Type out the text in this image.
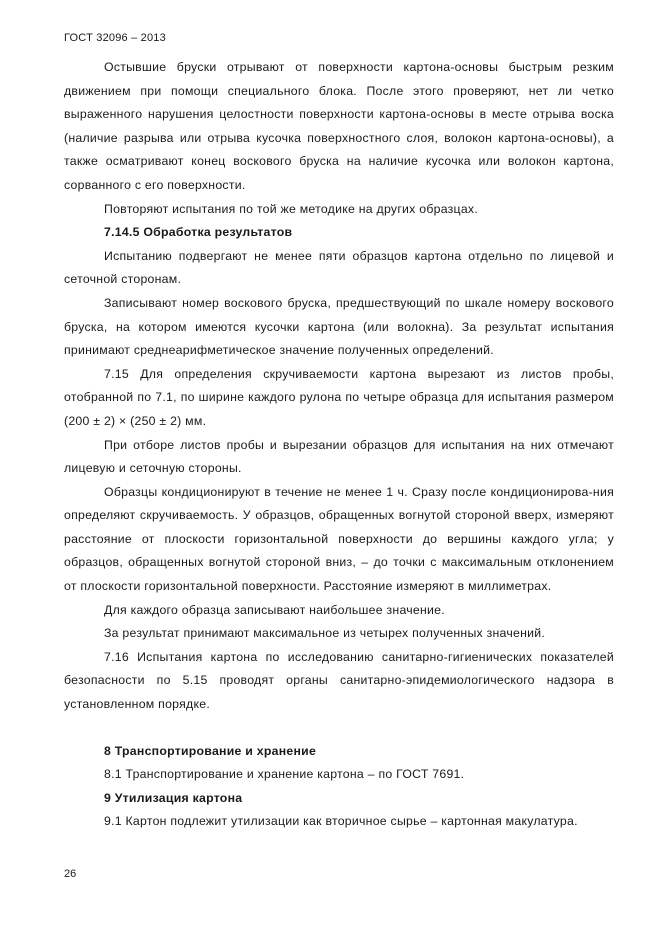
ГОСТ 32096 – 2013

Остывшие бруски отрывают от поверхности картона-основы быстрым резким движением при помощи специального блока. После этого проверяют, нет ли четко выраженного нарушения целостности поверхности картона-основы в месте отрыва воска (наличие разрыва или отрыва кусочка поверхностного слоя, волокон картона-основы), а также осматривают конец воскового бруска на наличие кусочка или волокон картона, сорванного с его поверхности.

Повторяют испытания по той же методике на других образцах.

7.14.5 Обработка результатов

Испытанию подвергают не менее пяти образцов картона отдельно по лицевой и сеточной сторонам.

Записывают номер воскового бруска, предшествующий по шкале номеру воскового бруска, на котором имеются кусочки картона (или волокна). За результат испытания принимают среднеарифметическое значение полученных определений.

7.15 Для определения скручиваемости картона вырезают из листов пробы, отобранной по 7.1, по ширине каждого рулона по четыре образца для испытания размером (200 ± 2) × (250 ± 2) мм.

При отборе листов пробы и вырезании образцов для испытания на них отмечают лицевую и сеточную стороны.

Образцы кондиционируют в течение не менее 1 ч. Сразу после кондиционирова-ния определяют скручиваемость. У образцов, обращенных вогнутой стороной вверх, измеряют расстояние от плоскости горизонтальной поверхности до вершины каждого угла; у образцов, обращенных вогнутой стороной вниз, – до точки с максимальным отклонением от плоскости горизонтальной поверхности. Расстояние измеряют в миллиметрах.

Для каждого образца записывают наибольшее значение.

За результат принимают максимальное из четырех полученных значений.

7.16 Испытания картона по исследованию санитарно-гигиенических показателей безопасности по 5.15 проводят органы санитарно-эпидемиологического надзора в установленном порядке.

8 Транспортирование и хранение

8.1 Транспортирование и хранение картона – по ГОСТ 7691.

9 Утилизация картона

9.1 Картон подлежит утилизации как вторичное сырье – картонная макулатура.

26
